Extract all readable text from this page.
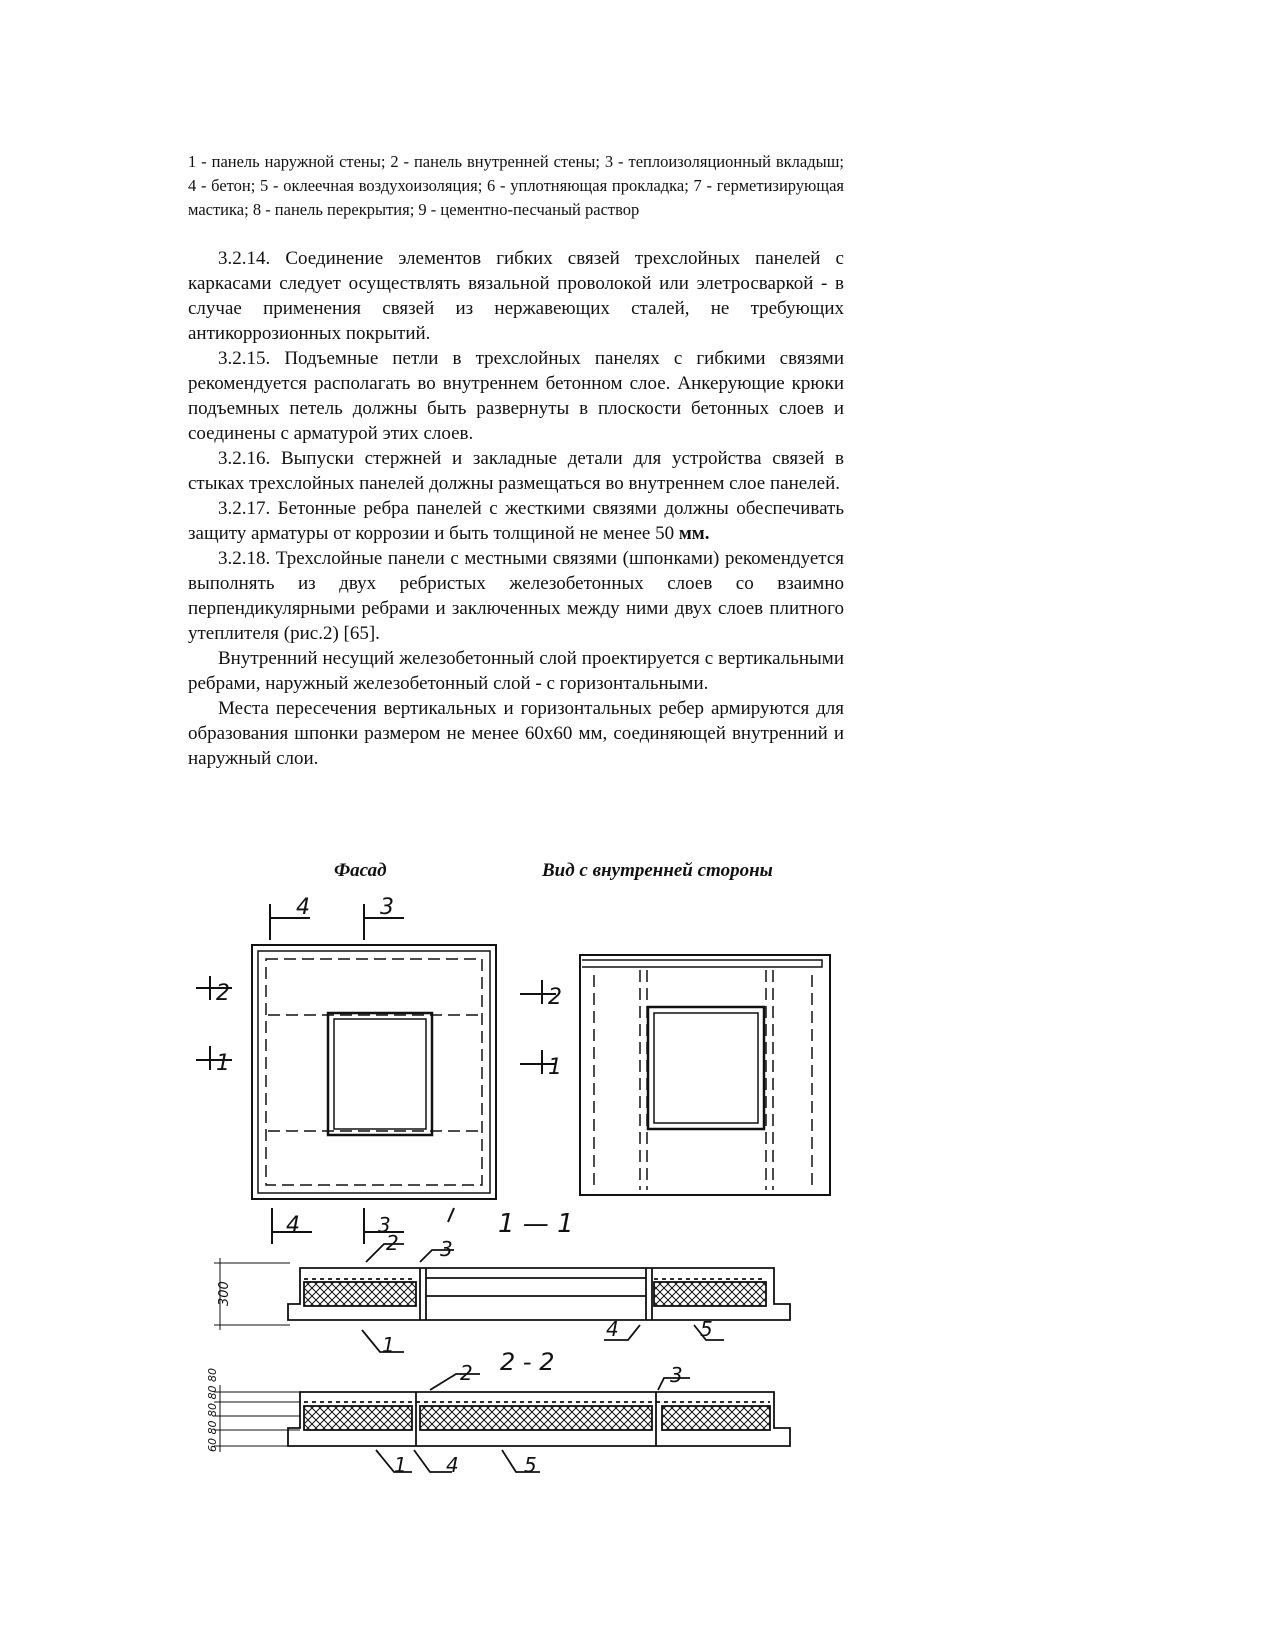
1 - панель наружной стены; 2 - панель внутренней стены; 3 - теплоизоляционный вкладыш; 4 - бетон; 5 - оклеечная воздухоизоляция; 6 - уплотняющая прокладка; 7 - герметизирующая мастика; 8 - панель перекрытия; 9 - цементно-песчаный раствор

3.2.14. Соединение элементов гибких связей трехслойных панелей с каркасами следует осуществлять вязальной проволокой или элетросваркой - в случае применения связей из нержавеющих сталей, не требующих антикоррозионных покрытий.

3.2.15. Подъемные петли в трехслойных панелях с гибкими связями рекомендуется располагать во внутреннем бетонном слое. Анкерующие крюки подъемных петель должны быть развернуты в плоскости бетонных слоев и соединены с арматурой этих слоев.

3.2.16. Выпуски стержней и закладные детали для устройства связей в стыках трехслойных панелей должны размещаться во внутреннем слое панелей.

3.2.17. Бетонные ребра панелей с жесткими связями должны обеспечивать защиту арматуры от коррозии и быть толщиной не менее 50 мм.

3.2.18. Трехслойные панели с местными связями (шпонками) рекомендуется выполнять из двух ребристых железобетонных слоев со взаимно перпендикулярными ребрами и заключенных между ними двух слоев плитного утеплителя (рис.2) [65].

Внутренний несущий железобетонный слой проектируется с вертикальными ребрами, наружный железобетонный слой - с горизонтальными.

Места пересечения вертикальных и горизонтальных ребер армируются для образования шпонки размером не менее 60х60 мм, соединяющей внутренний и наружный слои.

Фасад	Вид с внутренней стороны
4	3
2
1
2
1
4	3	1 — 1
2 3
1
4	5
300
2 - 2
2	3
1 4	5
60 80 80 80 80
